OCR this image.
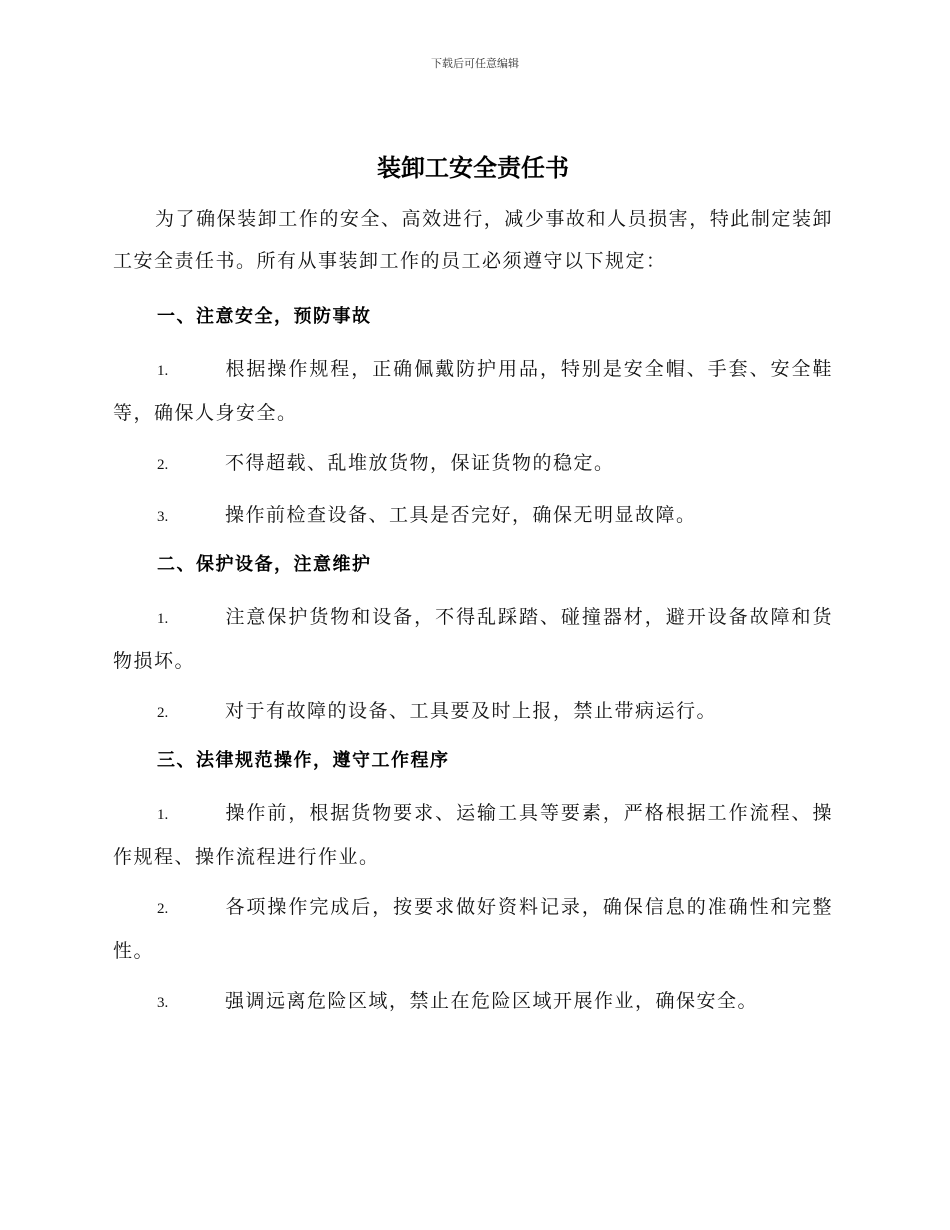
下载后可任意编辑
装卸工安全责任书

为了确保装卸工作的安全、高效进行，减少事故和人员损害，特此制定装卸工安全责任书。所有从事装卸工作的员工必须遵守以下规定：

一、注意安全，预防事故
1.	根据操作规程，正确佩戴防护用品，特别是安全帽、手套、安全鞋等，确保人身安全。
2.	不得超载、乱堆放货物，保证货物的稳定。
3.	操作前检查设备、工具是否完好，确保无明显故障。
二、保护设备，注意维护
1.	注意保护货物和设备，不得乱踩踏、碰撞器材，避开设备故障和货物损坏。
2.	对于有故障的设备、工具要及时上报，禁止带病运行。
三、法律规范操作，遵守工作程序
1.	操作前，根据货物要求、运输工具等要素，严格根据工作流程、操作规程、操作流程进行作业。
2.	各项操作完成后，按要求做好资料记录，确保信息的准确性和完整性。
3.	强调远离危险区域，禁止在危险区域开展作业，确保安全。
